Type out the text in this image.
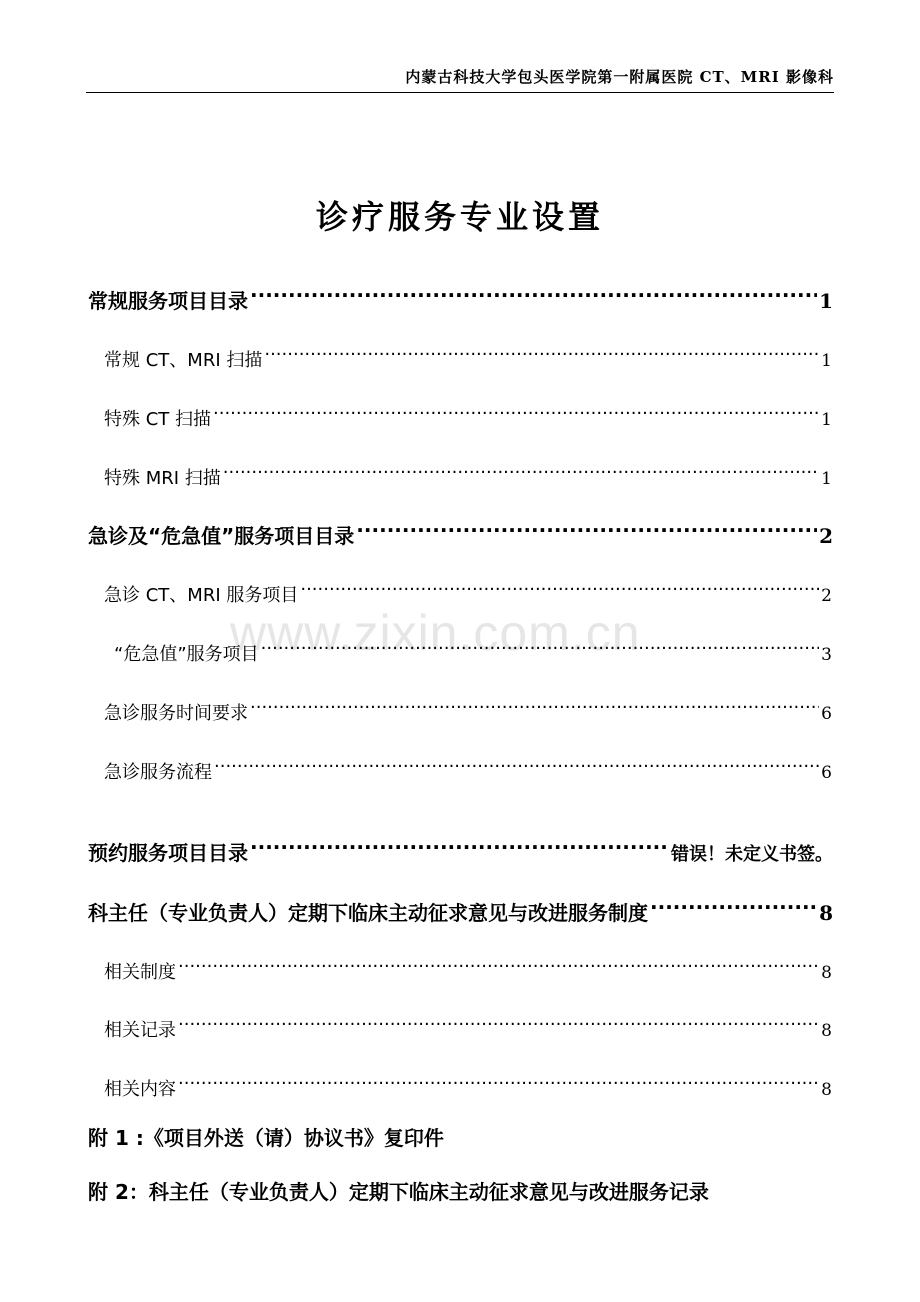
内蒙古科技大学包头医学院第一附属医院 CT、MRI 影像科
诊疗服务专业设置
www.zixin.com.cn
常规服务项目目录 ·····	1
常规 CT、MRI 扫描 ·····	1
特殊 CT 扫描 ·····	1
特殊 MRI 扫描 ·····	1
急诊及“危急值”服务项目目录 ·····	2
急诊 CT、MRI 服务项目 ·····	2
“危急值”服务项目 ·····	3
急诊服务时间要求 ·····	6
急诊服务流程 ·····	6
预约服务项目目录 ·····	错误！未定义书签。
科主任（专业负责人）定期下临床主动征求意见与改进服务制度 ·····	8
相关制度 ·····	8
相关记录 ·····	8
相关内容 ·····	8
附 1 :《项目外送（请）协议书》复印件
附 2：科主任（专业负责人）定期下临床主动征求意见与改进服务记录
